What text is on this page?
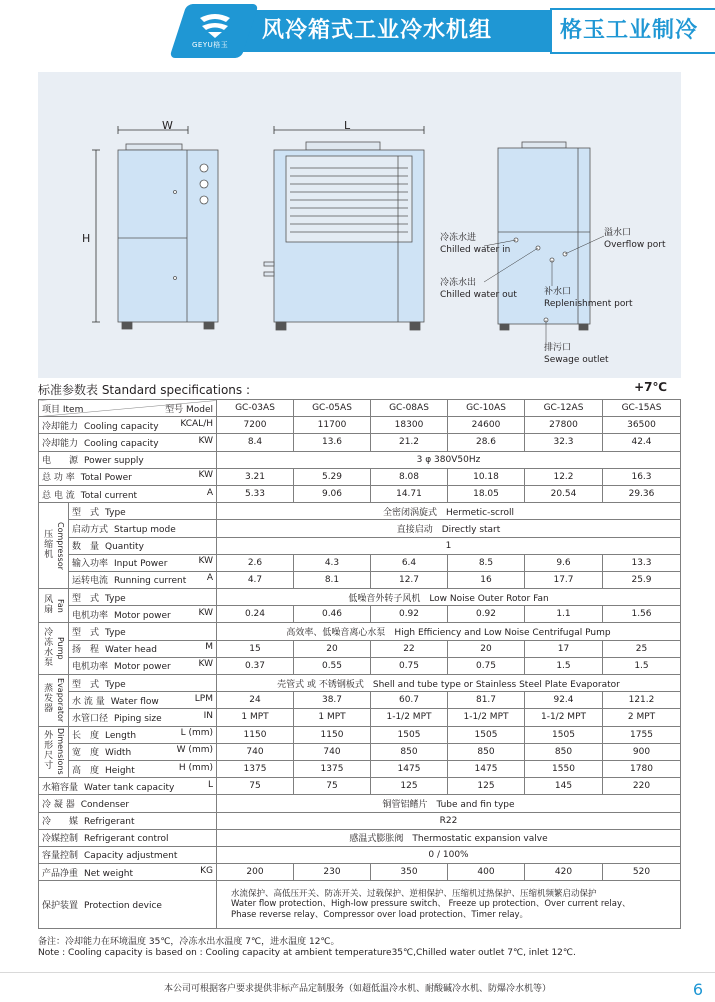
GEYU格玉
风冷箱式工业冷水机组	格玉工业制冷
W	L
H	冷冻水进
Chilled water in
冷冻水出
Chilled water out
溢水口
Overflow port
补水口
Replenishment port
排污口
Sewage outlet
标准参数表 Standard specifications :	+7℃
项目 Item 型号 Model		GC-03AS	GC-05AS	GC-08AS	GC-10AS	GC-12AS	GC-15AS
冷却能力 Cooling capacity KCAL/H		7200	11700	18300	24600	27800	36500
冷却能力 Cooling capacity KW		8.4	13.6	21.2	28.6	32.3	42.4
电　　源 Power supply		3 φ 380V50Hz					
总 功 率 Total Power KW		3.21	5.29	8.08	10.18	12.2	16.3
总 电 流 Total current A		5.33	9.06	14.71	18.05	20.54	29.36
压缩机 Compressor	型　式 Type	全密闭涡旋式　Hermetic-scroll					
	启动方式 Startup mode	直接启动　Directly start					
	数　量 Quantity	1					
	输入功率 Input Power KW	2.6	4.3	6.4	8.5	9.6	13.3
	运转电流 Running current A	4.7	8.1	12.7	16	17.7	25.9
风扇 Fan	型　式 Type	低噪音外转子风机　Low Noise Outer Rotor Fan					
	电机功率 Motor power KW	0.24	0.46	0.92	0.92	1.1	1.56
冷冻水泵Pump	型　式 Type	高效率、低噪音离心水泵　High Efficiency and Low Noise Centrifugal Pump					
	扬　程 Water head M	15	20	22	20	17	25
	电机功率 Motor power KW	0.37	0.55	0.75	0.75	1.5	1.5
蒸发器 Evaporator	型　式 Type	壳管式 或 不锈钢板式　Shell and tube type or Stainless Steel Plate Evaporator					
	水 流 量 Water flow LPM	24	38.7	60.7	81.7	92.4	121.2
	水管口径 Piping size IN	1 MPT	1 MPT	1-1/2 MPT	1-1/2 MPT	1-1/2 MPT	2 MPT
外形尺寸 Dimensions	长　度 Length L (mm)	1150	1150	1505	1505	1505	1755
	宽　度 Width W (mm)	740	740	850	850	850	900
	高　度 Height H (mm)	1375	1375	1475	1475	1550	1780
水箱容量 Water tank capacity L		75	75	125	125	145	220
冷 凝 器 Condenser		铜管铝鳍片　Tube and fin type					
冷　　媒 Refrigerant		R22					
冷媒控制 Refrigerant control		感温式膨胀阀　Thermostatic expansion valve					
容量控制 Capacity adjustment		0 / 100%					
产品净重 Net weight KG		200	230	350	400	420	520
保护装置 Protection device		水流保护、高低压开关、防冻开关、过载保护、逆相保护、压缩机过热保护、压缩机频繁启动保护
Water flow protection、High-low pressure switch、 Freeze up protection、Over current relay、
Phase reverse relay、Compressor over load protection、Timer relay。					
备注：冷却能力在环境温度 35℃，冷冻水出水温度 7℃，进水温度 12℃。
Note : Cooling capacity is based on : Cooling capacity at ambient temperature35℃,Chilled water outlet 7℃, inlet 12℃.
本公司可根据客户要求提供非标产品定制服务（如超低温冷水机、耐酸碱冷水机、防爆冷水机等）	6
